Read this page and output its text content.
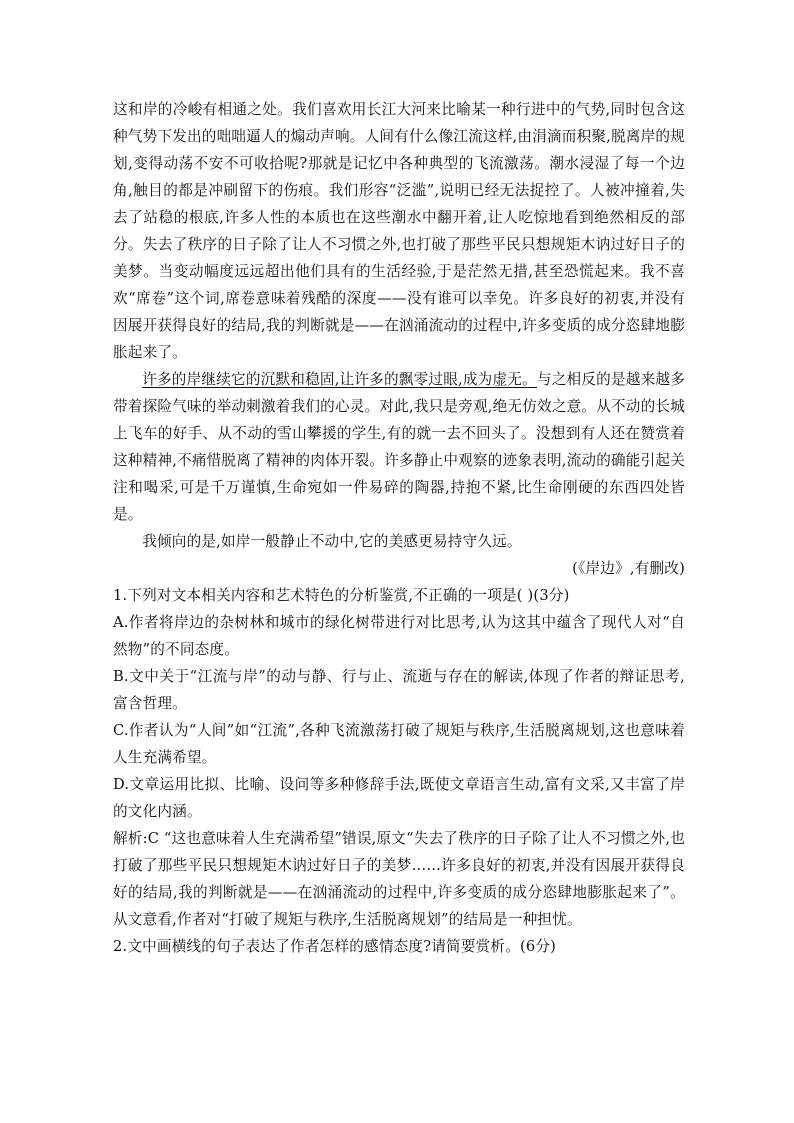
这和岸的冷峻有相通之处。我们喜欢用长江大河来比喻某一种行进中的气势,同时包含这种气势下发出的咄咄逼人的煽动声响。人间有什么像江流这样,由涓滴而积聚,脱离岸的规划,变得动荡不安不可收拾呢?那就是记忆中各种典型的飞流激荡。潮水浸湿了每一个边角,触目的都是冲刷留下的伤痕。我们形容“泛滥”,说明已经无法捉控了。人被冲撞着,失去了站稳的根底,许多人性的本质也在这些潮水中翻开着,让人吃惊地看到绝然相反的部分。失去了秩序的日子除了让人不习惯之外,也打破了那些平民只想规矩木讷过好日子的美梦。当变动幅度远远超出他们具有的生活经验,于是茫然无措,甚至恐慌起来。我不喜欢“席卷”这个词,席卷意味着残酷的深度——没有谁可以幸免。许多良好的初衷,并没有因展开获得良好的结局,我的判断就是——在汹涌流动的过程中,许多变质的成分恣肆地膨胀起来了。

许多的岸继续它的沉默和稳固,让许多的飘零过眼,成为虚无。与之相反的是越来越多带着探险气味的举动刺激着我们的心灵。对此,我只是旁观,绝无仿效之意。从不动的长城上飞车的好手、从不动的雪山攀援的学生,有的就一去不回头了。没想到有人还在赞赏着这种精神,不痛惜脱离了精神的肉体开裂。许多静止中观察的迹象表明,流动的确能引起关注和喝采,可是千万谨慎,生命宛如一件易碎的陶器,持抱不紧,比生命刚硬的东西四处皆是。

我倾向的是,如岸一般静止不动中,它的美感更易持守久远。

(《岸边》,有删改)

1.下列对文本相关内容和艺术特色的分析鉴赏,不正确的一项是( )(3分)

A.作者将岸边的杂树林和城市的绿化树带进行对比思考,认为这其中蕴含了现代人对“自然物”的不同态度。

B.文中关于“江流与岸”的动与静、行与止、流逝与存在的解读,体现了作者的辩证思考,富含哲理。

C.作者认为“人间”如“江流”,各种飞流激荡打破了规矩与秩序,生活脱离规划,这也意味着人生充满希望。

D.文章运用比拟、比喻、设问等多种修辞手法,既使文章语言生动,富有文采,又丰富了岸的文化内涵。

解析:C “这也意味着人生充满希望”错误,原文“失去了秩序的日子除了让人不习惯之外,也打破了那些平民只想规矩木讷过好日子的美梦……许多良好的初衷,并没有因展开获得良好的结局,我的判断就是——在汹涌流动的过程中,许多变质的成分恣肆地膨胀起来了”。从文意看,作者对“打破了规矩与秩序,生活脱离规划”的结局是一种担忧。

2.文中画横线的句子表达了作者怎样的感情态度?请简要赏析。(6分)
